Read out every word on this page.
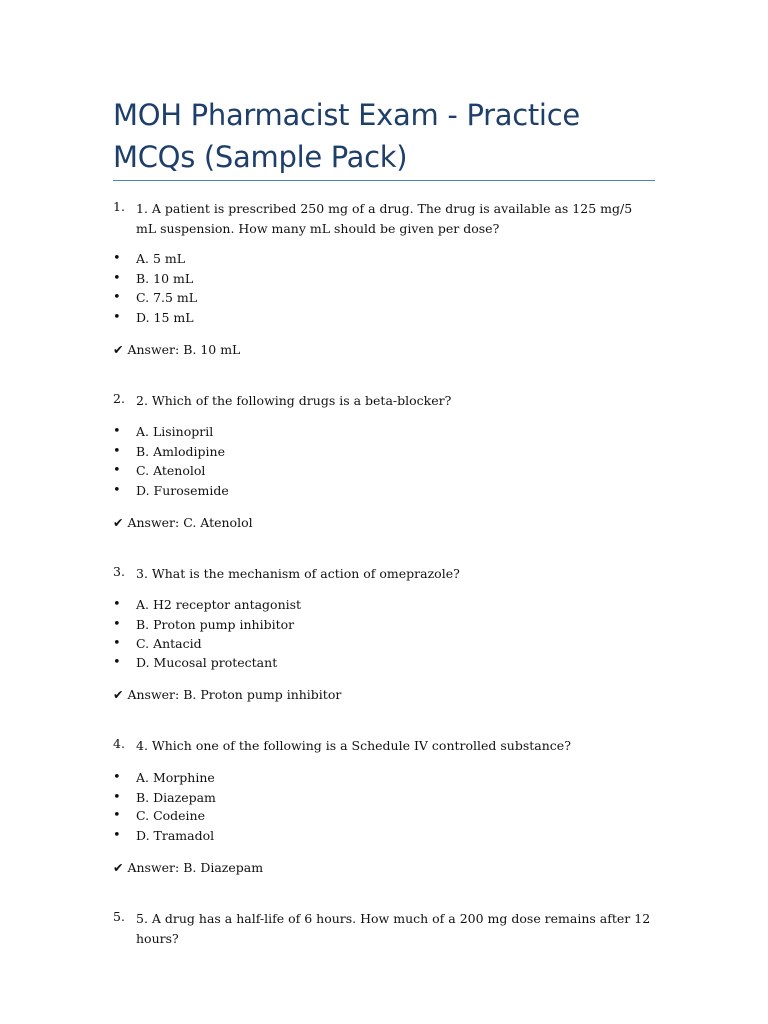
MOH Pharmacist Exam - Practice MCQs (Sample Pack)
1. 1. A patient is prescribed 250 mg of a drug. The drug is available as 125 mg/5 mL suspension. How many mL should be given per dose?
• A. 5 mL
• B. 10 mL
• C. 7.5 mL
• D. 15 mL
✔ Answer: B. 10 mL
2. 2. Which of the following drugs is a beta-blocker?
• A. Lisinopril
• B. Amlodipine
• C. Atenolol
• D. Furosemide
✔ Answer: C. Atenolol
3. 3. What is the mechanism of action of omeprazole?
• A. H2 receptor antagonist
• B. Proton pump inhibitor
• C. Antacid
• D. Mucosal protectant
✔ Answer: B. Proton pump inhibitor
4. 4. Which one of the following is a Schedule IV controlled substance?
• A. Morphine
• B. Diazepam
• C. Codeine
• D. Tramadol
✔ Answer: B. Diazepam
5. 5. A drug has a half-life of 6 hours. How much of a 200 mg dose remains after 12 hours?
